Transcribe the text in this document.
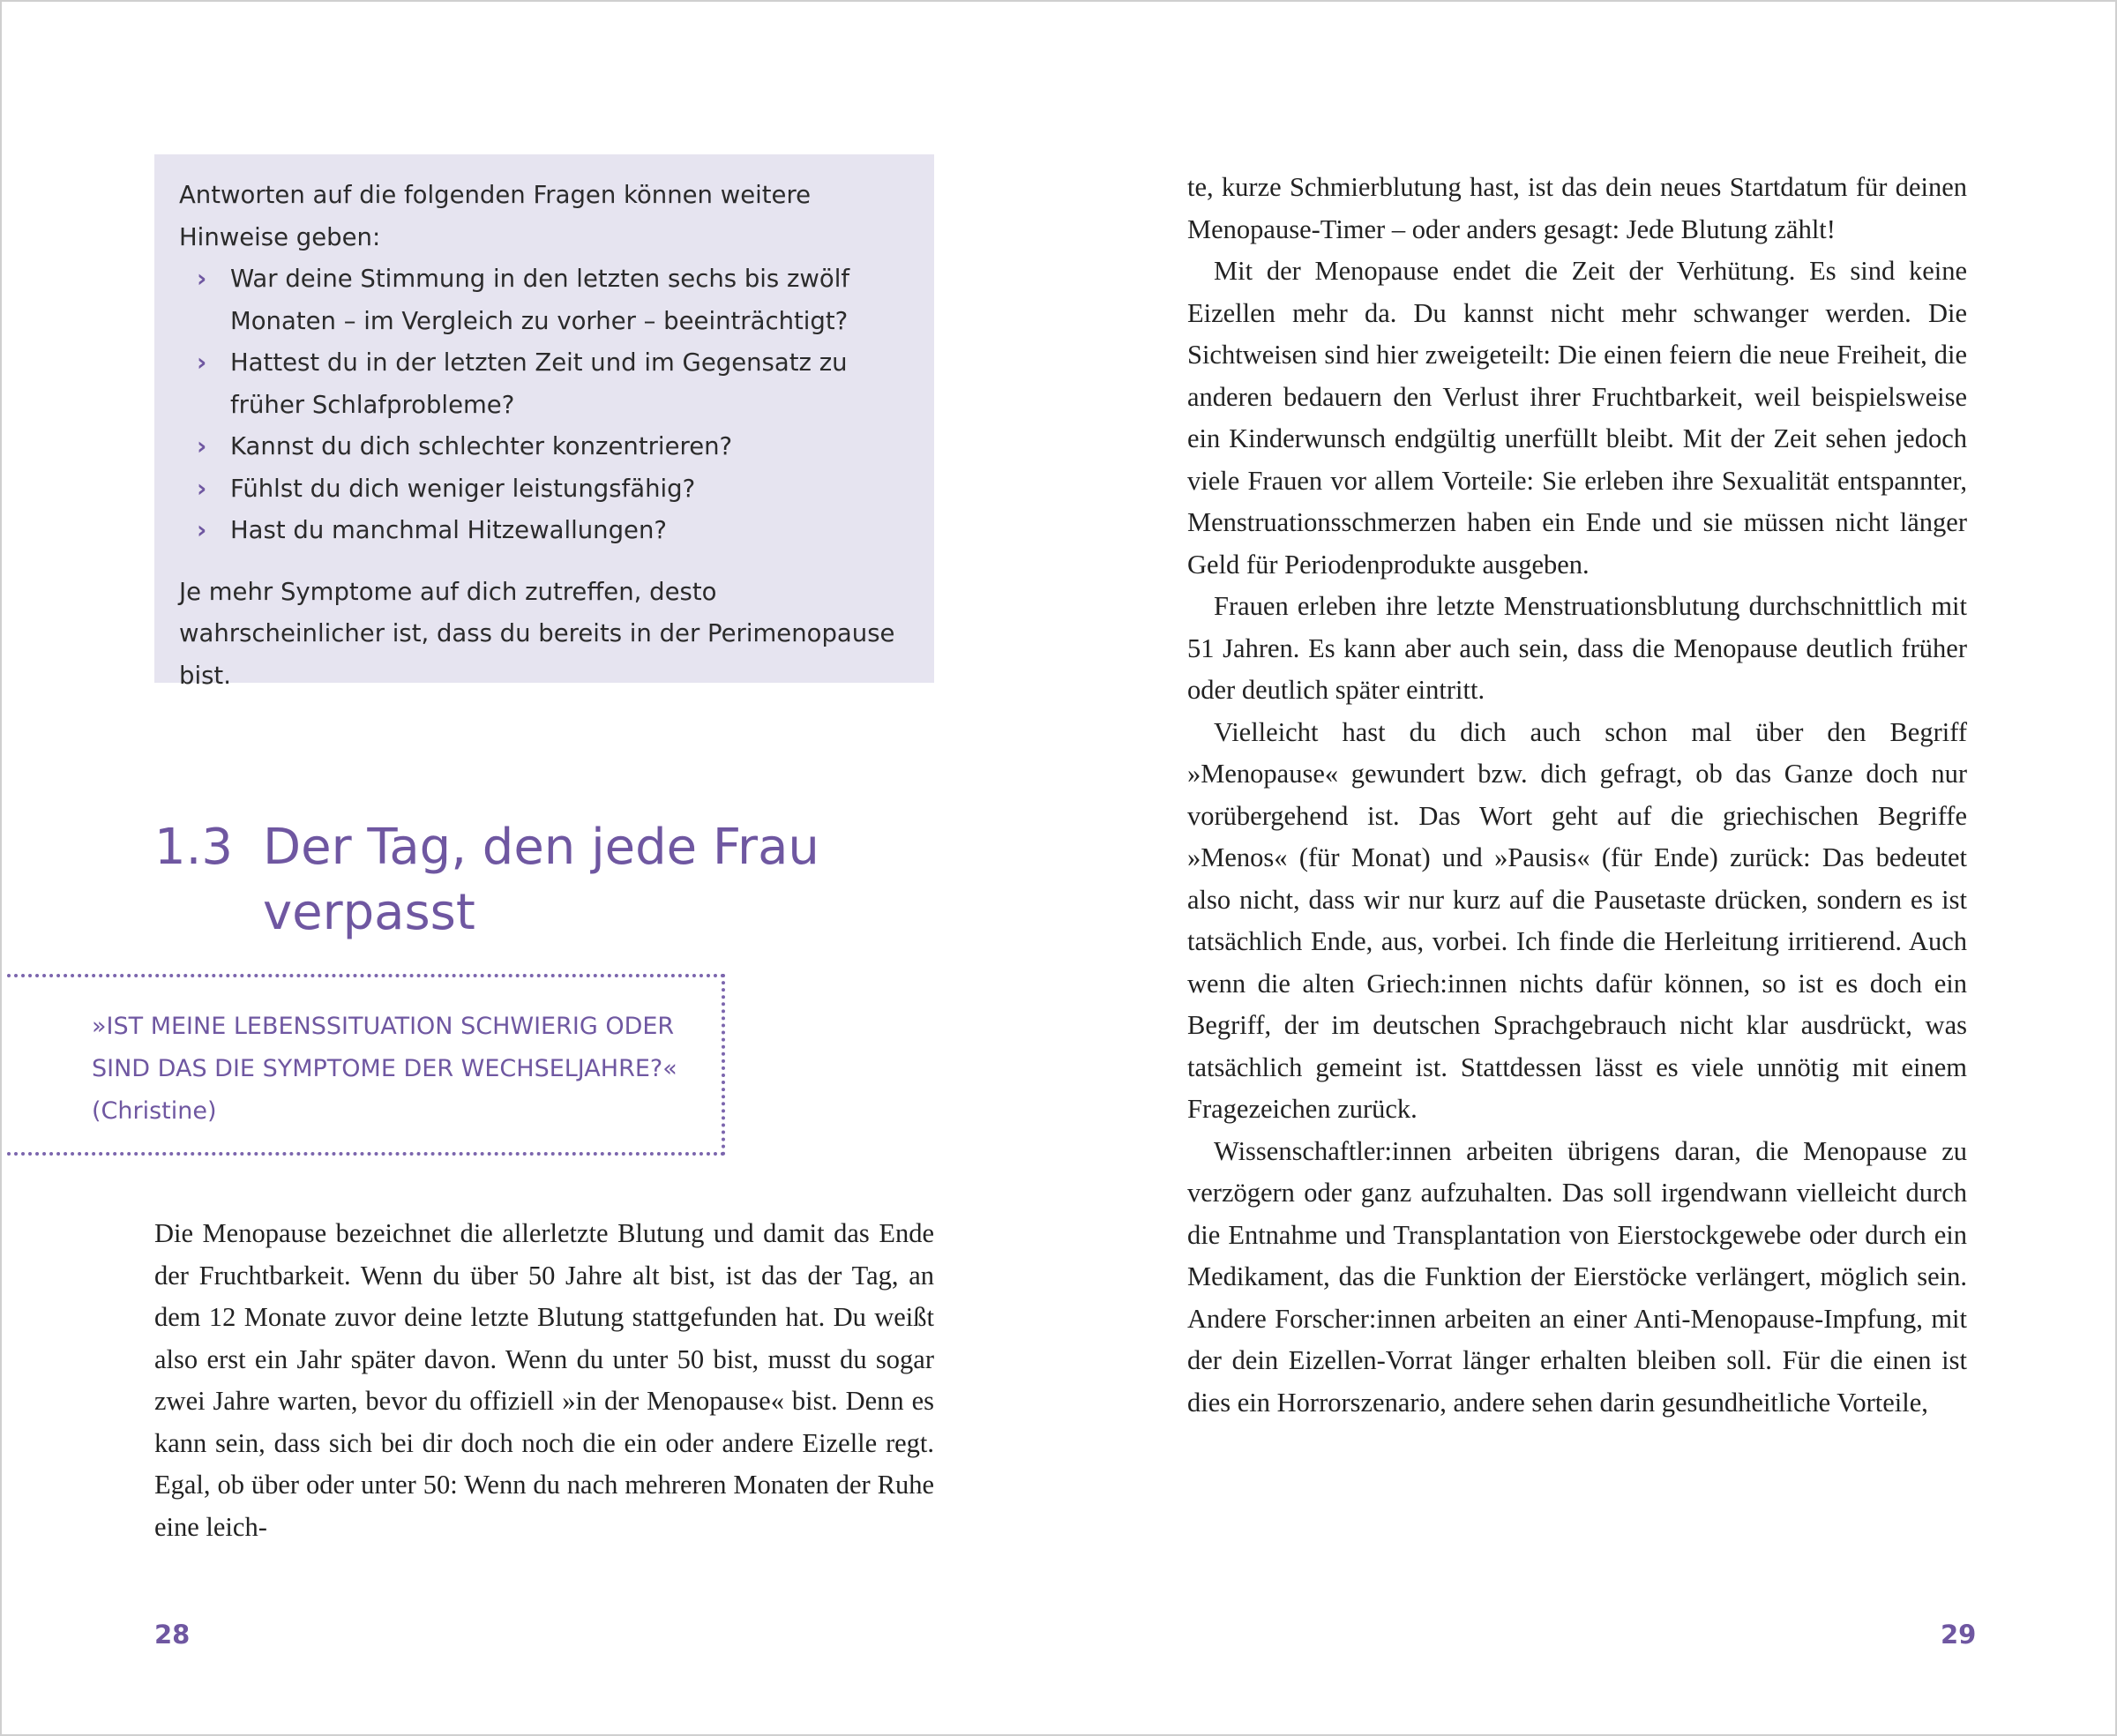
Antworten auf die folgenden Fragen können weitere Hinweise geben:

› War deine Stimmung in den letzten sechs bis zwölf Monaten – im Vergleich zu vorher – beeinträchtigt?
› Hattest du in der letzten Zeit und im Gegensatz zu früher Schlafprobleme?
› Kannst du dich schlechter konzentrieren?
› Fühlst du dich weniger leistungsfähig?
› Hast du manchmal Hitzewallungen?

Je mehr Symptome auf dich zutreffen, desto wahrscheinlicher ist, dass du bereits in der Perimenopause bist.

1.3 Der Tag, den jede Frau verpasst
»IST MEINE LEBENSSITUATION SCHWIERIG ODER
SIND DAS DIE SYMPTOME DER WECHSELJAHRE?«
(Christine)

Die Menopause bezeichnet die allerletzte Blutung und damit das Ende der Fruchtbarkeit. Wenn du über 50 Jahre alt bist, ist das der Tag, an dem 12 Monate zuvor deine letzte Blutung stattgefunden hat. Du weißt also erst ein Jahr später davon. Wenn du unter 50 bist, musst du sogar zwei Jahre warten, bevor du offiziell »in der Menopause« bist. Denn es kann sein, dass sich bei dir doch noch die ein oder andere Eizelle regt. Egal, ob über oder unter 50: Wenn du nach mehreren Monaten der Ruhe eine leich-

28

te, kurze Schmierblutung hast, ist das dein neues Startdatum für deinen Menopause-Timer – oder anders gesagt: Jede Blutung zählt!

Mit der Menopause endet die Zeit der Verhütung. Es sind keine Eizellen mehr da. Du kannst nicht mehr schwanger werden. Die Sichtweisen sind hier zweigeteilt: Die einen feiern die neue Freiheit, die anderen bedauern den Verlust ihrer Fruchtbarkeit, weil beispielsweise ein Kinderwunsch endgültig unerfüllt bleibt. Mit der Zeit sehen jedoch viele Frauen vor allem Vorteile: Sie erleben ihre Sexualität entspannter, Menstruationsschmerzen haben ein Ende und sie müssen nicht länger Geld für Periodenprodukte ausgeben.

Frauen erleben ihre letzte Menstruationsblutung durchschnittlich mit 51 Jahren. Es kann aber auch sein, dass die Menopause deutlich früher oder deutlich später eintritt.

Vielleicht hast du dich auch schon mal über den Begriff »Menopause« gewundert bzw. dich gefragt, ob das Ganze doch nur vorübergehend ist. Das Wort geht auf die griechischen Begriffe »Menos« (für Monat) und »Pausis« (für Ende) zurück: Das bedeutet also nicht, dass wir nur kurz auf die Pausetaste drücken, sondern es ist tatsächlich Ende, aus, vorbei. Ich finde die Herleitung irritierend. Auch wenn die alten Griech:innen nichts dafür können, so ist es doch ein Begriff, der im deutschen Sprachgebrauch nicht klar ausdrückt, was tatsächlich gemeint ist. Stattdessen lässt es viele unnötig mit einem Fragezeichen zurück.

Wissenschaftler:innen arbeiten übrigens daran, die Menopause zu verzögern oder ganz aufzuhalten. Das soll irgendwann vielleicht durch die Entnahme und Transplantation von Eierstockgewebe oder durch ein Medikament, das die Funktion der Eierstöcke verlängert, möglich sein. Andere Forscher:innen arbeiten an einer Anti-Menopause-Impfung, mit der dein Eizellen-Vorrat länger erhalten bleiben soll. Für die einen ist dies ein Horrorszenario, andere sehen darin gesundheitliche Vorteile,

29
